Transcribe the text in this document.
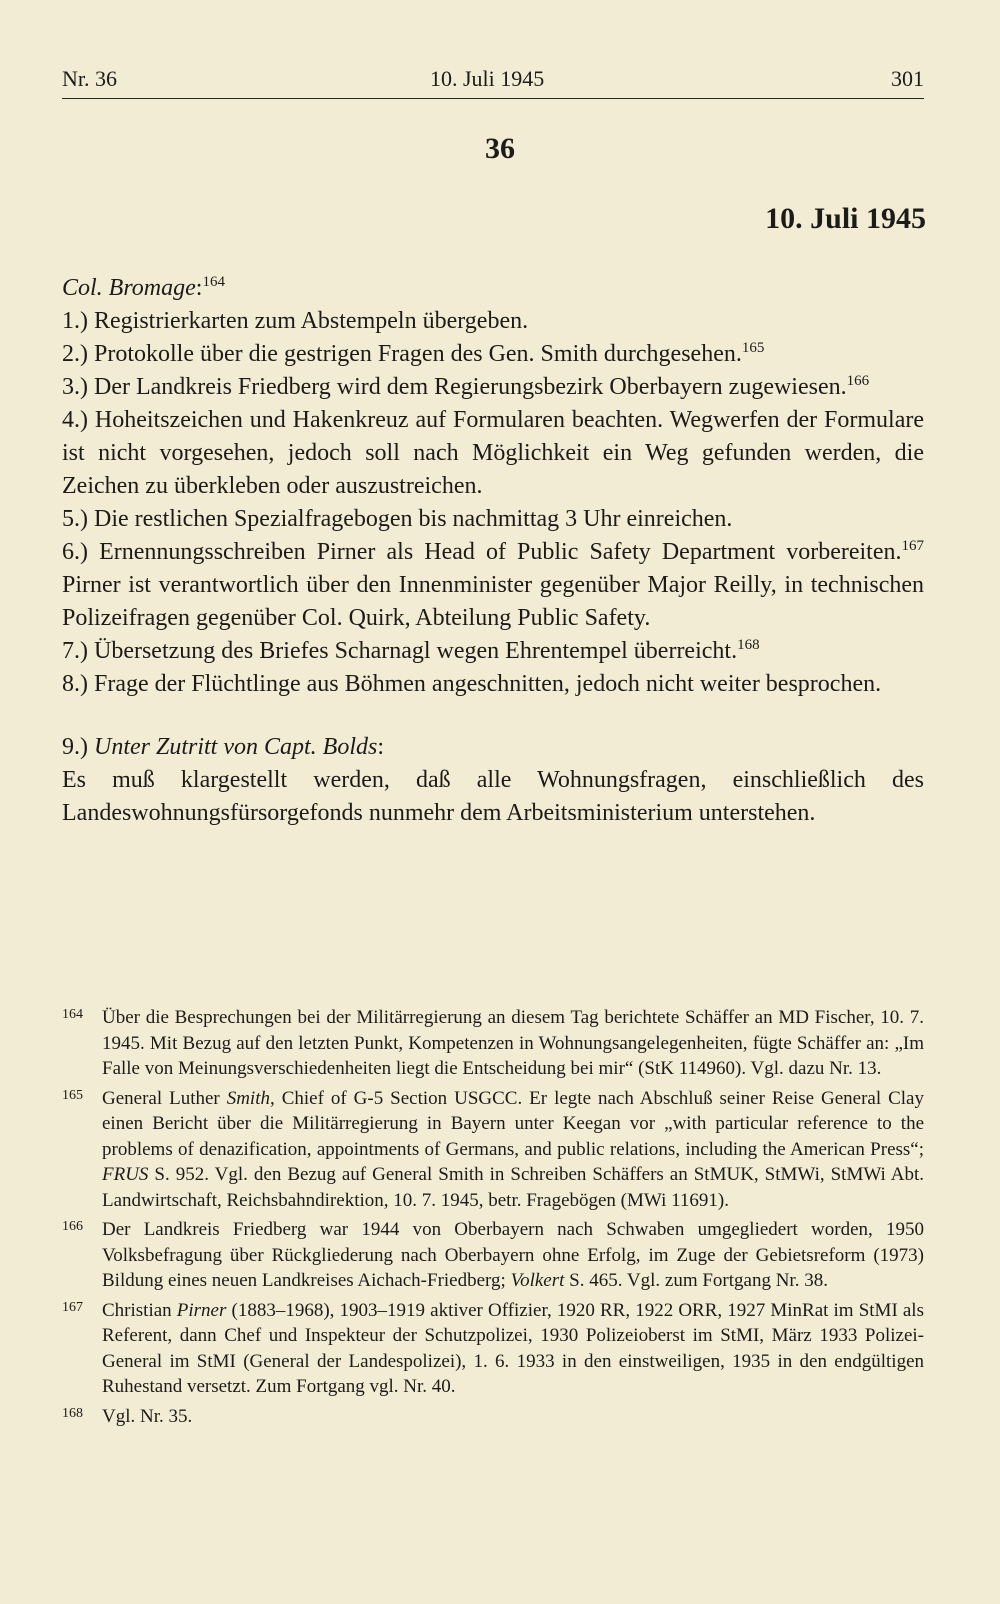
Nr. 36	10. Juli 1945	301
36
10. Juli 1945

Col. Bromage:$^{164}$

1.) Registrierkarten zum Abstempeln übergeben.

2.) Protokolle über die gestrigen Fragen des Gen. Smith durchgesehen.$^{165}$

3.) Der Landkreis Friedberg wird dem Regierungsbezirk Oberbayern zugewiesen.$^{166}$

4.) Hoheitszeichen und Hakenkreuz auf Formularen beachten. Wegwerfen der Formulare ist nicht vorgesehen, jedoch soll nach Möglichkeit ein Weg gefunden werden, die Zeichen zu überkleben oder auszustreichen.

5.) Die restlichen Spezialfragebogen bis nachmittag 3 Uhr einreichen.

6.) Ernennungsschreiben Pirner als Head of Public Safety Department vorbereiten.$^{167}$ Pirner ist verantwortlich über den Innenminister gegenüber Major Reilly, in technischen Polizeifragen gegenüber Col. Quirk, Abteilung Public Safety.

7.) Übersetzung des Briefes Scharnagl wegen Ehrentempel überreicht.$^{168}$

8.) Frage der Flüchtlinge aus Böhmen angeschnitten, jedoch nicht weiter besprochen.

9.) Unter Zutritt von Capt. Bolds:

Es muß klargestellt werden, daß alle Wohnungsfragen, einschließlich des Landeswohnungsfürsorgefonds nunmehr dem Arbeitsministerium unterstehen.

164 Über die Besprechungen bei der Militärregierung an diesem Tag berichtete Schäffer an MD Fischer, 10. 7. 1945. Mit Bezug auf den letzten Punkt, Kompetenzen in Wohnungsangelegenheiten, fügte Schäffer an: „Im Falle von Meinungsverschiedenheiten liegt die Entscheidung bei mir“ (StK 114960). Vgl. dazu Nr. 13.
165 General Luther Smith, Chief of G-5 Section USGCC. Er legte nach Abschluß seiner Reise General Clay einen Bericht über die Militärregierung in Bayern unter Keegan vor „with particular reference to the problems of denazification, appointments of Germans, and public relations, including the American Press“; FRUS S. 952. Vgl. den Bezug auf General Smith in Schreiben Schäffers an StMUK, StMWi, StMWi Abt. Landwirtschaft, Reichsbahndirektion, 10. 7. 1945, betr. Fragebögen (MWi 11691).
166 Der Landkreis Friedberg war 1944 von Oberbayern nach Schwaben umgegliedert worden, 1950 Volksbefragung über Rückgliederung nach Oberbayern ohne Erfolg, im Zuge der Gebietsreform (1973) Bildung eines neuen Landkreises Aichach-Friedberg; Volkert S. 465. Vgl. zum Fortgang Nr. 38.
167 Christian Pirner (1883–1968), 1903–1919 aktiver Offizier, 1920 RR, 1922 ORR, 1927 MinRat im StMI als Referent, dann Chef und Inspekteur der Schutzpolizei, 1930 Polizeioberst im StMI, März 1933 Polizei-General im StMI (General der Landespolizei), 1. 6. 1933 in den einstweiligen, 1935 in den endgültigen Ruhestand versetzt. Zum Fortgang vgl. Nr. 40.
168 Vgl. Nr. 35.
